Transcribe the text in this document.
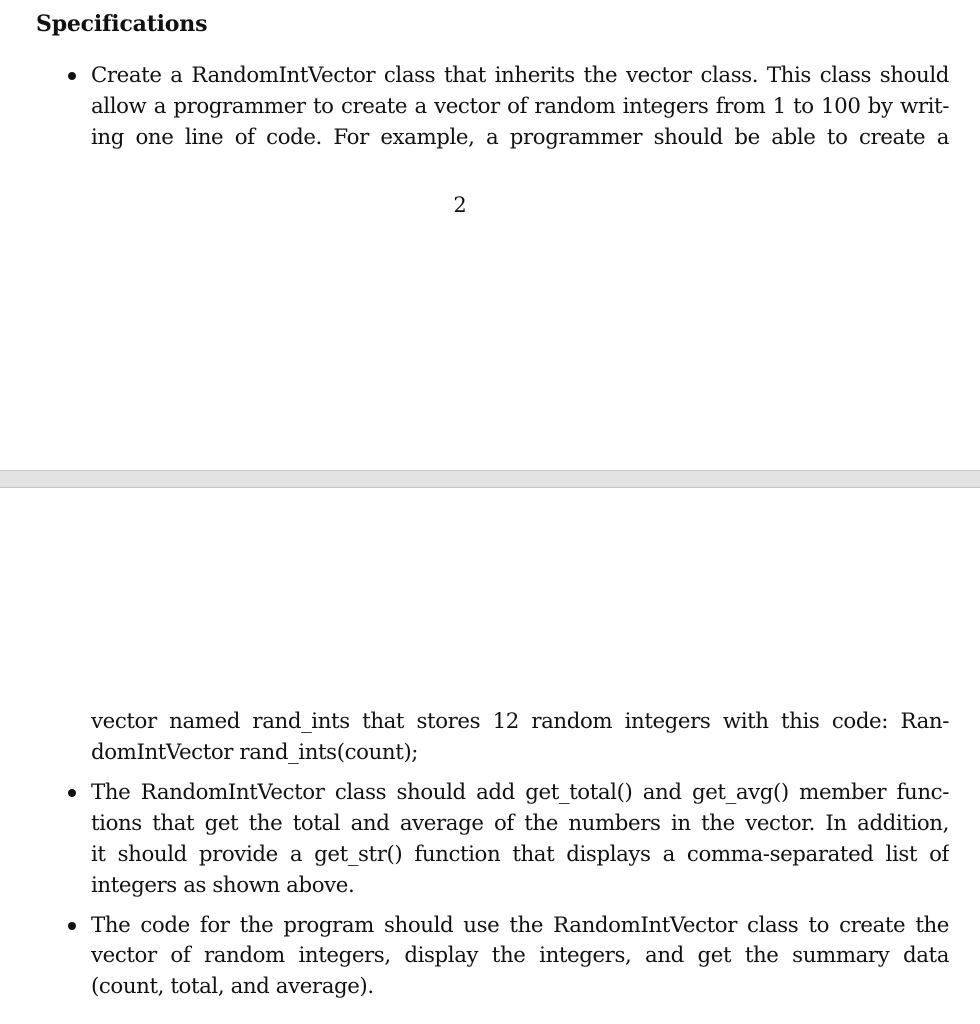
Specifications
Create a RandomIntVector class that inherits the vector class. This class should
allow a programmer to create a vector of random integers from 1 to 100 by writ-
ing one line of code. For example, a programmer should be able to create a
2
vector named rand_ints that stores 12 random integers with this code: Ran-
domIntVector rand_ints(count);
The RandomIntVector class should add get_total() and get_avg() member func-
tions that get the total and average of the numbers in the vector. In addition,
it should provide a get_str() function that displays a comma-separated list of
integers as shown above.
The code for the program should use the RandomIntVector class to create the
vector of random integers, display the integers, and get the summary data
(count, total, and average).
